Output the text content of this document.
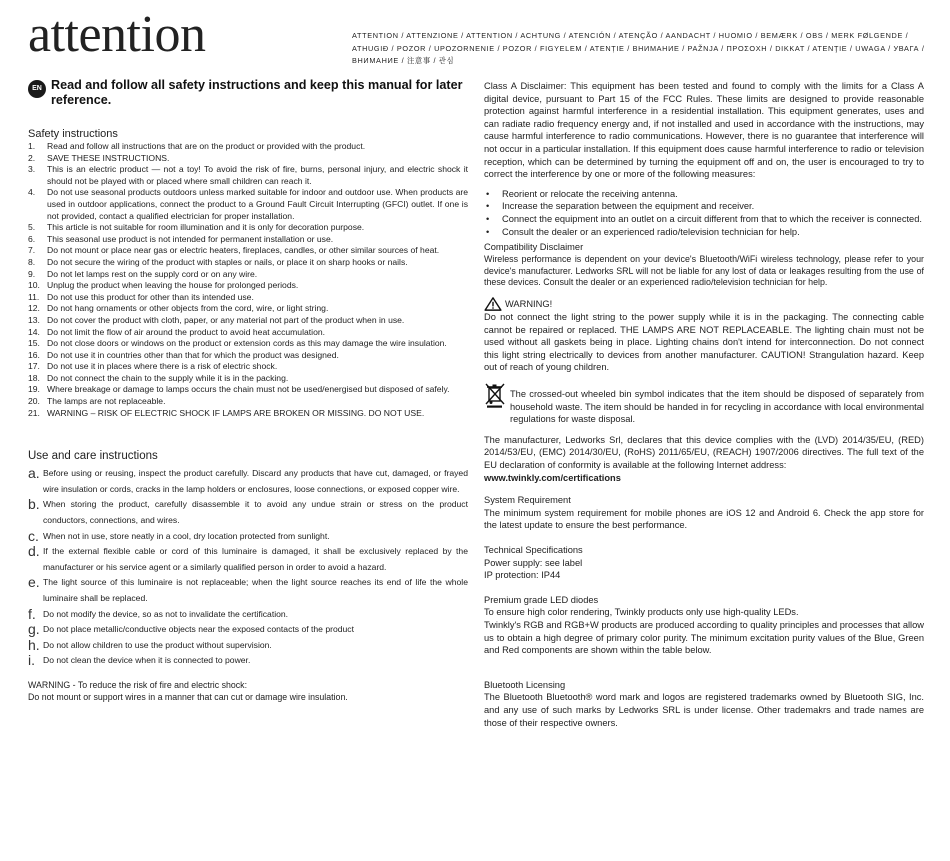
attention	ATTENTION / ATTENZIONE / ATTENTION / ACHTUNG / ATENCIÓN / ATENÇÃO / AANDACHT / HUOMIO / BEMÆRK / OBS / MERK FØLGENDE / ATHUGIÐ / POZOR / UPOZORNENIE / POZOR / FIGYELEM / ATENȚIE / ВНИМАНИЕ / PAŽNJA / ΠΡΟΣΟΧΗ / DIKKAT / ATENŢIE / UWAGA / УВАГА / ВНИМАНИЕ / 注意事 / 관심

EN Read and follow all safety instructions and keep this manual for later reference.
Safety instructions
1.	Read and follow all instructions that are on the product or provided with the product.
2.	SAVE THESE INSTRUCTIONS.
3.	This is an electric product — not a toy! To avoid the risk of fire, burns, personal injury, and electric shock it should not be played with or placed where small children can reach it.
4.	Do not use seasonal products outdoors unless marked suitable for indoor and outdoor use. When products are used in outdoor applications, connect the product to a Ground Fault Circuit Interrupting (GFCI) outlet. If one is not provided, contact a qualified electrician for proper installation.
5.	This article is not suitable for room illumination and it is only for decoration purpose.
6.	This seasonal use product is not intended for permanent installation or use.
7.	Do not mount or place near gas or electric heaters, fireplaces, candles, or other similar sources of heat.
8.	Do not secure the wiring of the product with staples or nails, or place it on sharp hooks or nails.
9.	Do not let lamps rest on the supply cord or on any wire.
10. Unplug the product when leaving the house for prolonged periods.
11. Do not use this product for other than its intended use.
12. Do not hang ornaments or other objects from the cord, wire, or light string.
13. Do not cover the product with cloth, paper, or any material not part of the product when in use.
14. Do not limit the flow of air around the product to avoid heat accumulation.
15. Do not close doors or windows on the product or extension cords as this may damage the wire insulation.
16. Do not use it in countries other than that for which the product was designed.
17. Do not use it in places where there is a risk of electric shock.
18. Do not connect the chain to the supply while it is in the packing.
19. Where breakage or damage to lamps occurs the chain must not be used/energised but disposed of safely.
20. The lamps are not replaceable.
21. WARNING – RISK OF ELECTRIC SHOCK IF LAMPS ARE BROKEN OR MISSING. DO NOT USE.
Use and care instructions
a. Before using or reusing, inspect the product carefully. Discard any products that have cut, damaged, or frayed wire insulation or cords, cracks in the lamp holders or enclosures, loose connections, or exposed copper wire.
b. When storing the product, carefully disassemble it to avoid any undue strain or stress on the product conductors, connections, and wires.
c. When not in use, store neatly in a cool, dry location protected from sunlight.
d. If the external flexible cable or cord of this luminaire is damaged, it shall be exclusively replaced by the manufacturer or his service agent or a similarly qualified person in order to avoid a hazard.
e. The light source of this luminaire is not replaceable; when the light source reaches its end of life the whole luminaire shall be replaced.
f. Do not modify the device, so as not to invalidate the certification.
g. Do not place metallic/conductive objects near the exposed contacts of the product
h. Do not allow children to use the product without supervision.
i. Do not clean the device when it is connected to power.

WARNING - To reduce the risk of fire and electric shock:

Do not mount or support wires in a manner that can cut or damage wire insulation.

Class A Disclaimer: This equipment has been tested and found to comply with the limits for a Class A digital device, pursuant to Part 15 of the FCC Rules. These limits are designed to provide reasonable protection against harmful interference in a residential installation. This equipment generates, uses and can radiate radio frequency energy and, if not installed and used in accordance with the instructions, may cause harmful interference to radio communications. However, there is no guarantee that interference will not occur in a particular installation. If this equipment does cause harmful interference to radio or television reception, which can be determined by turning the equipment off and on, the user is encouraged to try to correct the interference by one or more of the following measures:

•	Reorient or relocate the receiving antenna.
•	Increase the separation between the equipment and receiver.
•	Connect the equipment into an outlet on a circuit different from that to which the receiver is connected.
•	Consult the dealer or an experienced radio/television technician for help.
Compatibility Disclaimer

Wireless performance is dependent on your device's Bluetooth/WiFi wireless technology, please refer to your device's manufacturer. Ledworks SRL will not be liable for any lost of data or leakages resulting from the use of these devices. Consult the dealer or an experienced radio/television technician for help.

WARNING!

Do not connect the light string to the power supply while it is in the packaging. The connecting cable cannot be repaired or replaced. THE LAMPS ARE NOT REPLACEABLE. The lighting chain must not be used without all gaskets being in place. Lighting chains don't intend for interconnection. Do not connect this light string electrically to devices from another manufacturer. CAUTION! Strangulation hazard. Keep out of reach of young children.

The crossed-out wheeled bin symbol indicates that the item should be disposed of separately from household waste. The item should be handed in for recycling in accordance with local environmental regulations for waste disposal.

The manufacturer, Ledworks Srl, declares that this device complies with the (LVD) 2014/35/EU, (RED) 2014/53/EU, (EMC) 2014/30/EU, (RoHS) 2011/65/EU, (REACH) 1907/2006 directives. The full text of the EU declaration of conformity is available at the following Internet address:

www.twinkly.com/certifications

System Requirement

The minimum system requirement for mobile phones are iOS 12 and Android 6. Check the app store for the latest update to ensure the best performance.

Technical Specifications

Power supply: see label

IP protection: IP44

Premium grade LED diodes

To ensure high color rendering, Twinkly products only use high-quality LEDs.

Twinkly's RGB and RGB+W products are produced according to quality principles and processes that allow us to obtain a high degree of primary color purity. The minimum excitation purity values of the Blue, Green and Red components are shown within the table below.

Bluetooth Licensing

The Bluetooth Bluetooth® word mark and logos are registered trademarks owned by Bluetooth SIG, Inc. and any use of such marks by Ledworks SRL is under license. Other trademakrs and trade names are those of their respective owners.
